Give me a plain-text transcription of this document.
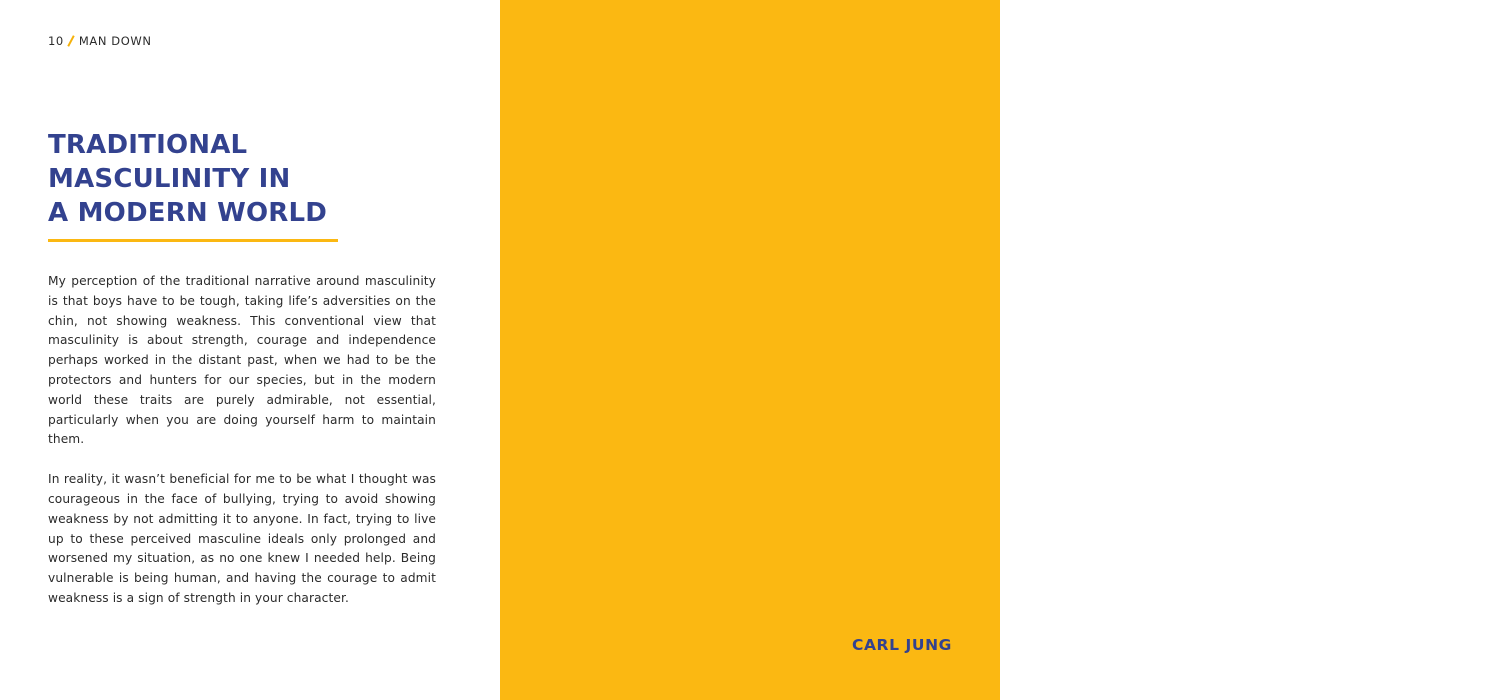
10 MAN DOWN
TRADITIONAL
MASCULINITY IN
A MODERN WORLD

My perception of the traditional narrative around masculinity is that boys have to be tough, taking life’s adversities on the chin, not showing weakness. This conventional view that masculinity is about strength, courage and independence perhaps worked in the distant past, when we had to be the protectors and hunters for our species, but in the modern world these traits are purely admirable, not essential, particularly when you are doing yourself harm to maintain them.

In reality, it wasn’t beneficial for me to be what I thought was courageous in the face of bullying, trying to avoid showing weakness by not admitting it to anyone. In fact, trying to live up to these perceived masculine ideals only prolonged and worsened my situation, as no one knew I needed help. Being vulnerable is being human, and having the courage to admit weakness is a sign of strength in your character.

THE PRIVILEGE OF
A LIFETIME IS TO
BECOME WHO
YOU TRULY ARE.
CARL JUNG
